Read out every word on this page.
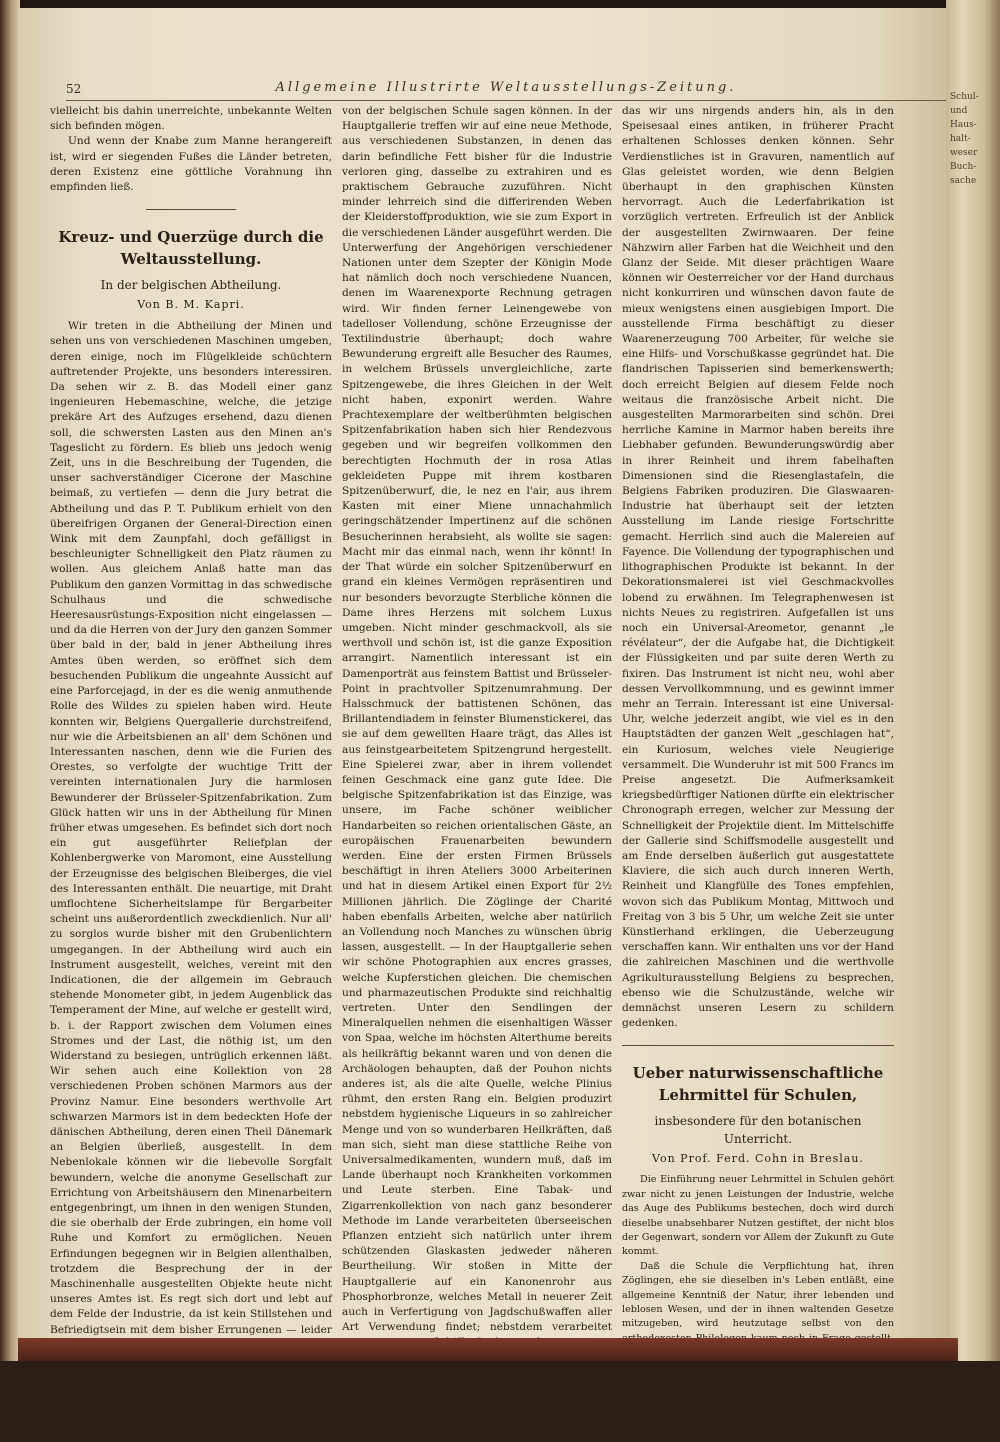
52	Allgemeine Illustrirte Weltausstellungs-Zeitung.

vielleicht bis dahin unerreichte, unbekannte Welten sich befinden mögen.

Und wenn der Knabe zum Manne herangereift ist, wird er siegenden Fußes die Länder betreten, deren Existenz eine göttliche Vorahnung ihn empfinden ließ.

Kreuz- und Querzüge durch die Weltausstellung.
In der belgischen Abtheilung.
Von B. M. Kapri.

Wir treten in die Abtheilung der Minen und sehen uns von verschiedenen Maschinen umgeben, deren einige, noch im Flügelkleide schüchtern auftretender Projekte, uns besonders interessiren. Da sehen wir z. B. das Modell einer ganz ingenieuren Hebemaschine, welche, die jetzige prekäre Art des Aufzuges ersehend, dazu dienen soll, die schwersten Lasten aus den Minen an's Tageslicht zu fördern. Es blieb uns jedoch wenig Zeit, uns in die Beschreibung der Tugenden, die unser sachverständiger Cicerone der Maschine beimaß, zu vertiefen — denn die Jury betrat die Abtheilung und das P. T. Publikum erhielt von den übereifrigen Organen der General-Direction einen Wink mit dem Zaunpfahl, doch gefälligst in beschleunigter Schnelligkeit den Platz räumen zu wollen. Aus gleichem Anlaß hatte man das Publikum den ganzen Vormittag in das schwedische Schulhaus und die schwedische Heeresausrüstungs-Exposition nicht eingelassen — und da die Herren von der Jury den ganzen Sommer über bald in der, bald in jener Abtheilung ihres Amtes üben werden, so eröffnet sich dem besuchenden Publikum die ungeahnte Aussicht auf eine Parforcejagd, in der es die wenig anmuthende Rolle des Wildes zu spielen haben wird. Heute konnten wir, Belgiens Quergallerie durchstreifend, nur wie die Arbeitsbienen an all' dem Schönen und Interessanten naschen, denn wie die Furien des Orestes, so verfolgte der wuchtige Tritt der vereinten internationalen Jury die harmlosen Bewunderer der Brüsseler-Spitzenfabrikation. Zum Glück hatten wir uns in der Abtheilung für Minen früher etwas umgesehen. Es befindet sich dort noch ein gut ausgeführter Reliefplan der Kohlenbergwerke von Maromont, eine Ausstellung der Erzeugnisse des belgischen Bleiberges, die viel des Interessanten enthält. Die neuartige, mit Draht umflochtene Sicherheitslampe für Bergarbeiter scheint uns außerordentlich zweckdienlich. Nur all' zu sorglos wurde bisher mit den Grubenlichtern umgegangen. In der Abtheilung wird auch ein Instrument ausgestellt, welches, vereint mit den Indicationen, die der allgemein im Gebrauch stehende Monometer gibt, in jedem Augenblick das Temperament der Mine, auf welche er gestellt wird, b. i. der Rapport zwischen dem Volumen eines Stromes und der Last, die nöthig ist, um den Widerstand zu besiegen, untrüglich erkennen läßt. Wir sehen auch eine Kollektion von 28 verschiedenen Proben schönen Marmors aus der Provinz Namur. Eine besonders werthvolle Art schwarzen Marmors ist in dem bedeckten Hofe der dänischen Abtheilung, deren einen Theil Dänemark an Belgien überließ, ausgestellt. In dem Nebenlokale können wir die liebevolle Sorgfalt bewundern, welche die anonyme Gesellschaft zur Errichtung von Arbeitshäusern den Minenarbeitern entgegenbringt, um ihnen in den wenigen Stunden, die sie oberhalb der Erde zubringen, ein home voll Ruhe und Komfort zu ermöglichen. Neuen Erfindungen begegnen wir in Belgien allenthalben, trotzdem die Besprechung der in der Maschinenhalle ausgestellten Objekte heute nicht unseres Amtes ist. Es regt sich dort und lebt auf dem Felde der Industrie, da ist kein Stillstehen und Befriedigtsein mit dem bisher Errungenen — leider

von der belgischen Schule sagen können. In der Hauptgallerie treffen wir auf eine neue Methode, aus verschiedenen Substanzen, in denen das darin befindliche Fett bisher für die Industrie verloren ging, dasselbe zu extrahiren und es praktischem Gebrauche zuzuführen. Nicht minder lehrreich sind die differirenden Weben der Kleiderstoffproduktion, wie sie zum Export in die verschiedenen Länder ausgeführt werden. Die Unterwerfung der Angehörigen verschiedener Nationen unter dem Szepter der Königin Mode hat nämlich doch noch verschiedene Nuancen, denen im Waarenexporte Rechnung getragen wird. Wir finden ferner Leinengewebe von tadelloser Vollendung, schöne Erzeugnisse der Textilindustrie überhaupt; doch wahre Bewunderung ergreift alle Besucher des Raumes, in welchem Brüssels unvergleichliche, zarte Spitzengewebe, die ihres Gleichen in der Welt nicht haben, exponirt werden. Wahre Prachtexemplare der weltberühmten belgischen Spitzenfabrikation haben sich hier Rendezvous gegeben und wir begreifen vollkommen den berechtigten Hochmuth der in rosa Atlas gekleideten Puppe mit ihrem kostbaren Spitzenüberwurf, die, le nez en l'air, aus ihrem Kasten mit einer Miene unnachahmlich geringschätzender Impertinenz auf die schönen Besucherinnen herabsieht, als wollte sie sagen: Macht mir das einmal nach, wenn ihr könnt! In der That würde ein solcher Spitzenüberwurf en grand ein kleines Vermögen repräsentiren und nur besonders bevorzugte Sterbliche können die Dame ihres Herzens mit solchem Luxus umgeben. Nicht minder geschmackvoll, als sie werthvoll und schön ist, ist die ganze Exposition arrangirt. Namentlich interessant ist ein Damenporträt aus feinstem Battist und Brüsseler-Point in prachtvoller Spitzenumrahmung. Der Halsschmuck der battistenen Schönen, das Brillantendiadem in feinster Blumenstickerei, das sie auf dem gewellten Haare trägt, das Alles ist aus feinstgearbeitetem Spitzengrund hergestellt. Eine Spielerei zwar, aber in ihrem vollendet feinen Geschmack eine ganz gute Idee. Die belgische Spitzenfabrikation ist das Einzige, was unsere, im Fache schöner weiblicher Handarbeiten so reichen orientalischen Gäste, an europäischen Frauenarbeiten bewundern werden. Eine der ersten Firmen Brüssels beschäftigt in ihren Ateliers 3000 Arbeiterinen und hat in diesem Artikel einen Export für 2½ Millionen jährlich. Die Zöglinge der Charité haben ebenfalls Arbeiten, welche aber natürlich an Vollendung noch Manches zu wünschen übrig lassen, ausgestellt. — In der Hauptgallerie sehen wir schöne Photographien aux encres grasses, welche Kupferstichen gleichen. Die chemischen und pharmazeutischen Produkte sind reichhaltig vertreten. Unter den Sendlingen der Mineralquellen nehmen die eisenhaltigen Wässer von Spaa, welche im höchsten Alterthume bereits als heilkräftig bekannt waren und von denen die Archäologen behaupten, daß der Pouhon nichts anderes ist, als die alte Quelle, welche Plinius rühmt, den ersten Rang ein. Belgien produzirt nebstdem hygienische Liqueurs in so zahlreicher Menge und von so wunderbaren Heilkräften, daß man sich, sieht man diese stattliche Reihe von Universalmedikamenten, wundern muß, daß im Lande überhaupt noch Krankheiten vorkommen und Leute sterben. Eine Tabak- und Zigarrenkollektion von nach ganz besonderer Methode im Lande verarbeiteten überseeischen Pflanzen entzieht sich natürlich unter ihrem schützenden Glaskasten jedweder näheren Beurtheilung. Wir stoßen in Mitte der Hauptgallerie auf ein Kanonenrohr aus Phosphorbronze, welches Metall in neuerer Zeit auch in Verfertigung von Jagdschußwaffen aller Art Verwendung findet; nebstdem verarbeitet erproben. Einzelne Exemplare der Schnitzereien aus Naturholz sind wahre Prachtstücke, namentlich das breite Bett in flamändischem Renaissance-Styl und das Buffet aus Nußholz, Styl Louis XIII., mit den prachtvollen Eckfiguren,

das wir uns nirgends anders hin, als in den Speisesaal eines antiken, in früherer Pracht erhaltenen Schlosses denken können. Sehr Verdienstliches ist in Gravuren, namentlich auf Glas geleistet worden, wie denn Belgien überhaupt in den graphischen Künsten hervorragt. Auch die Lederfabrikation ist vorzüglich vertreten. Erfreulich ist der Anblick der ausgestellten Zwirnwaaren. Der feine Nähzwirn aller Farben hat die Weichheit und den Glanz der Seide. Mit dieser prächtigen Waare können wir Oesterreicher vor der Hand durchaus nicht konkurriren und wünschen davon faute de mieux wenigstens einen ausgiebigen Import. Die ausstellende Firma beschäftigt zu dieser Waarenerzeugung 700 Arbeiter, für welche sie eine Hilfs- und Vorschußkasse gegründet hat. Die flandrischen Tapisserien sind bemerkenswerth; doch erreicht Belgien auf diesem Felde noch weitaus die französische Arbeit nicht. Die ausgestellten Marmorarbeiten sind schön. Drei herrliche Kamine in Marmor haben bereits ihre Liebhaber gefunden. Bewunderungswürdig aber in ihrer Reinheit und ihrem fabelhaften Dimensionen sind die Riesenglastafeln, die Belgiens Fabriken produziren. Die Glaswaaren-Industrie hat überhaupt seit der letzten Ausstellung im Lande riesige Fortschritte gemacht. Herrlich sind auch die Malereien auf Fayence. Die Vollendung der typographischen und lithographischen Produkte ist bekannt. In der Dekorationsmalerei ist viel Geschmackvolles lobend zu erwähnen. Im Telegraphenwesen ist nichts Neues zu registriren. Aufgefallen ist uns noch ein Universal-Areometor, genannt „le révélateur“, der die Aufgabe hat, die Dichtigkeit der Flüssigkeiten und par suite deren Werth zu fixiren. Das Instrument ist nicht neu, wohl aber dessen Vervollkommnung, und es gewinnt immer mehr an Terrain. Interessant ist eine Universal-Uhr, welche jederzeit angibt, wie viel es in den Hauptstädten der ganzen Welt „geschlagen hat“, ein Kuriosum, welches viele Neugierige versammelt. Die Wunderuhr ist mit 500 Francs im Preise angesetzt. Die Aufmerksamkeit kriegsbedürftiger Nationen dürfte ein elektrischer Chronograph erregen, welcher zur Messung der Schnelligkeit der Projektile dient. Im Mittelschiffe der Gallerie sind Schiffsmodelle ausgestellt und am Ende derselben äußerlich gut ausgestattete Klaviere, die sich auch durch inneren Werth, Reinheit und Klangfülle des Tones empfehlen, wovon sich das Publikum Montag, Mittwoch und Freitag von 3 bis 5 Uhr, um welche Zeit sie unter Künstlerhand erklingen, die Ueberzeugung verschaffen kann. Wir enthalten uns vor der Hand die zahlreichen Maschinen und die werthvolle Agrikulturausstellung Belgiens zu besprechen, ebenso wie die Schulzustände, welche wir demnächst unseren Lesern zu schildern gedenken.

Ueber naturwissenschaftliche Lehrmittel für Schulen,
insbesondere für den botanischen Unterricht.
Von Prof. Ferd. Cohn in Breslau.

Die Einführung neuer Lehrmittel in Schulen gehört zwar nicht zu jenen Leistungen der Industrie, welche das Auge des Publikums bestechen, doch wird durch dieselbe unabsehbarer Nutzen gestiftet, der nicht blos der Gegenwart, sondern vor Allem der Zukunft zu Gute kommt.

Daß die Schule die Verpflichtung hat, ihren Zöglingen, ehe sie dieselben in's Leben entläßt, eine allgemeine Kenntniß der Natur, ihrer lebenden und leblosen Wesen, und der in ihnen waltenden Gesetze mitzugeben, wird heutzutage selbst von den Demonstrationen der naturwissenschaftliche Unterricht in den Schulen schlimmer als nutzlos ist, da er nur zu falscher Naturauffassung führen kann.

Schul- und Haus- halt- weser Buch- sache
